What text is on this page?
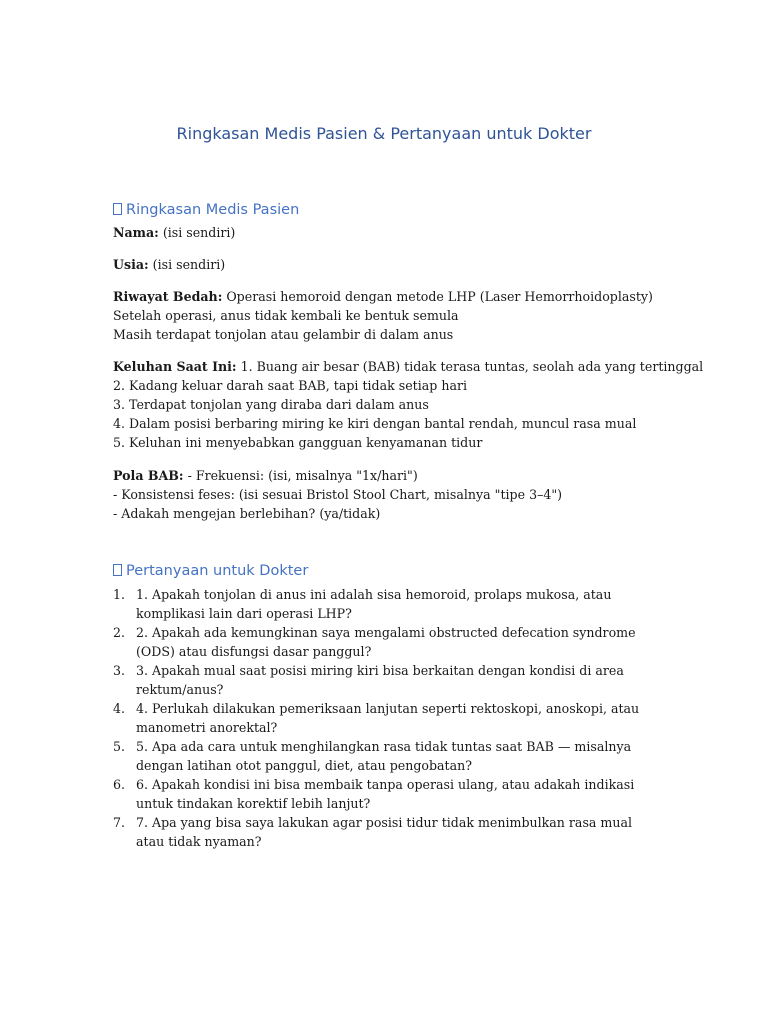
Ringkasan Medis Pasien & Pertanyaan untuk Dokter
Ringkasan Medis Pasien
Nama: (isi sendiri)
Usia: (isi sendiri)
Riwayat Bedah: Operasi hemoroid dengan metode LHP (Laser Hemorrhoidoplasty)
Setelah operasi, anus tidak kembali ke bentuk semula
Masih terdapat tonjolan atau gelambir di dalam anus
Keluhan Saat Ini: 1. Buang air besar (BAB) tidak terasa tuntas, seolah ada yang tertinggal
2. Kadang keluar darah saat BAB, tapi tidak setiap hari
3. Terdapat tonjolan yang diraba dari dalam anus
4. Dalam posisi berbaring miring ke kiri dengan bantal rendah, muncul rasa mual
5. Keluhan ini menyebabkan gangguan kenyamanan tidur
Pola BAB: - Frekuensi: (isi, misalnya "1x/hari")
- Konsistensi feses: (isi sesuai Bristol Stool Chart, misalnya "tipe 3–4")
- Adakah mengejan berlebihan? (ya/tidak)
Pertanyaan untuk Dokter
1. 1. Apakah tonjolan di anus ini adalah sisa hemoroid, prolaps mukosa, atau komplikasi lain dari operasi LHP?
2. 2. Apakah ada kemungkinan saya mengalami obstructed defecation syndrome (ODS) atau disfungsi dasar panggul?
3. 3. Apakah mual saat posisi miring kiri bisa berkaitan dengan kondisi di area rektum/anus?
4. 4. Perlukah dilakukan pemeriksaan lanjutan seperti rektoskopi, anoskopi, atau manometri anorektal?
5. 5. Apa ada cara untuk menghilangkan rasa tidak tuntas saat BAB — misalnya dengan latihan otot panggul, diet, atau pengobatan?
6. 6. Apakah kondisi ini bisa membaik tanpa operasi ulang, atau adakah indikasi untuk tindakan korektif lebih lanjut?
7. 7. Apa yang bisa saya lakukan agar posisi tidur tidak menimbulkan rasa mual atau tidak nyaman?
